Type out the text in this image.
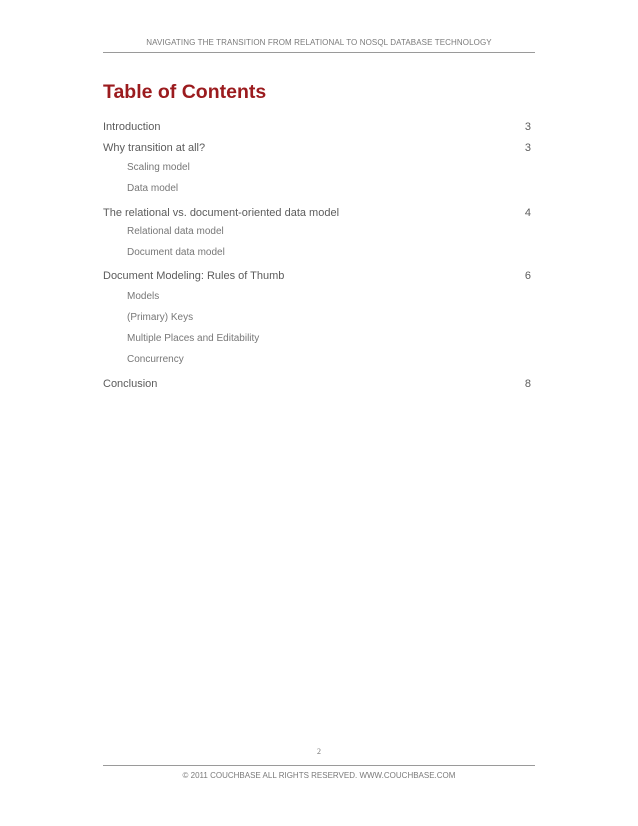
NAVIGATING THE TRANSITION FROM RELATIONAL TO NOSQL DATABASE TECHNOLOGY
Table of Contents
Introduction	3
Why transition at all?	3
Scaling model
Data model
The relational vs. document-oriented data model	4
Relational data model
Document data model
Document Modeling: Rules of Thumb	6
Models
(Primary) Keys
Multiple Places and Editability
Concurrency
Conclusion	8
2
© 2011 COUCHBASE ALL RIGHTS RESERVED. WWW.COUCHBASE.COM
